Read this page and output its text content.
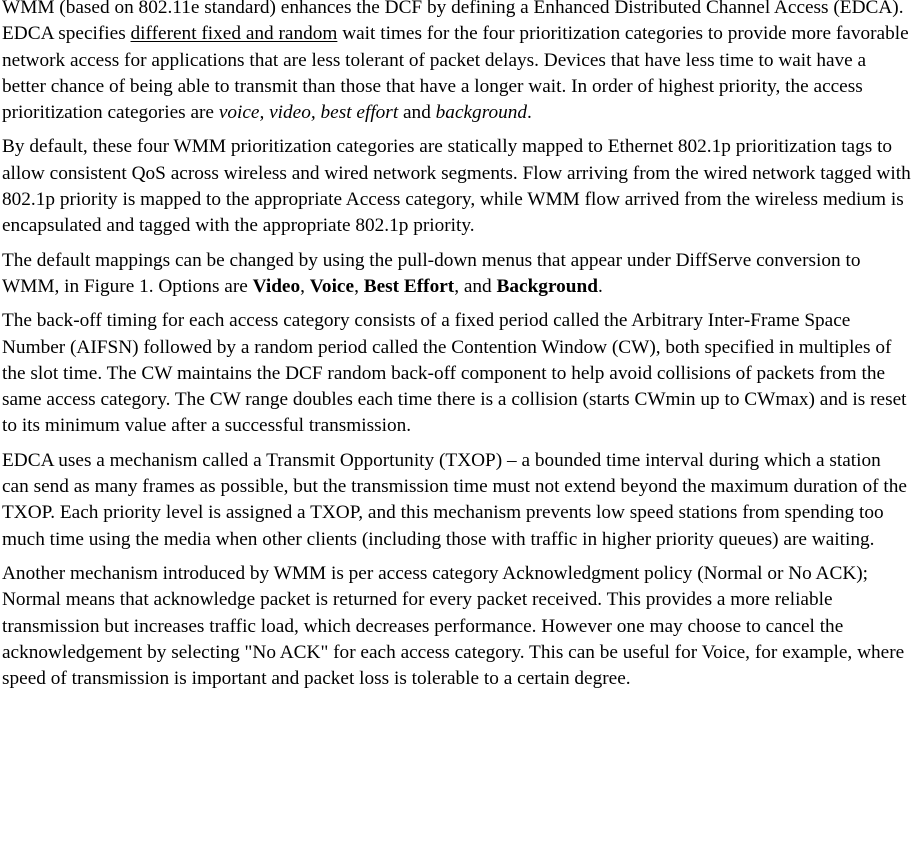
WMM (based on 802.11e standard) enhances the DCF by defining a Enhanced Distributed Channel Access (EDCA). EDCA specifies different fixed and random wait times for the four prioritization categories to provide more favorable network access for applications that are less tolerant of packet delays. Devices that have less time to wait have a better chance of being able to transmit than those that have a longer wait. In order of highest priority, the access prioritization categories are voice, video, best effort and background.

By default, these four WMM prioritization categories are statically mapped to Ethernet 802.1p prioritization tags to allow consistent QoS across wireless and wired network segments. Flow arriving from the wired network tagged with 802.1p priority is mapped to the appropriate Access category, while WMM flow arrived from the wireless medium is encapsulated and tagged with the appropriate 802.1p priority.

The default mappings can be changed by using the pull-down menus that appear under DiffServe conversion to WMM, in Figure 1. Options are Video, Voice, Best Effort, and Background.

The back-off timing for each access category consists of a fixed period called the Arbitrary Inter-Frame Space Number (AIFSN) followed by a random period called the Contention Window (CW), both specified in multiples of the slot time. The CW maintains the DCF random back-off component to help avoid collisions of packets from the same access category. The CW range doubles each time there is a collision (starts CWmin up to CWmax) and is reset to its minimum value after a successful transmission.

EDCA uses a mechanism called a Transmit Opportunity (TXOP) – a bounded time interval during which a station can send as many frames as possible, but the transmission time must not extend beyond the maximum duration of the TXOP. Each priority level is assigned a TXOP, and this mechanism prevents low speed stations from spending too much time using the media when other clients (including those with traffic in higher priority queues) are waiting.

Another mechanism introduced by WMM is per access category Acknowledgment policy (Normal or No ACK); Normal means that acknowledge packet is returned for every packet received. This provides a more reliable transmission but increases traffic load, which decreases performance. However one may choose to cancel the acknowledgement by selecting "No ACK" for each access category. This can be useful for Voice, for example, where speed of transmission is important and packet loss is tolerable to a certain degree.
